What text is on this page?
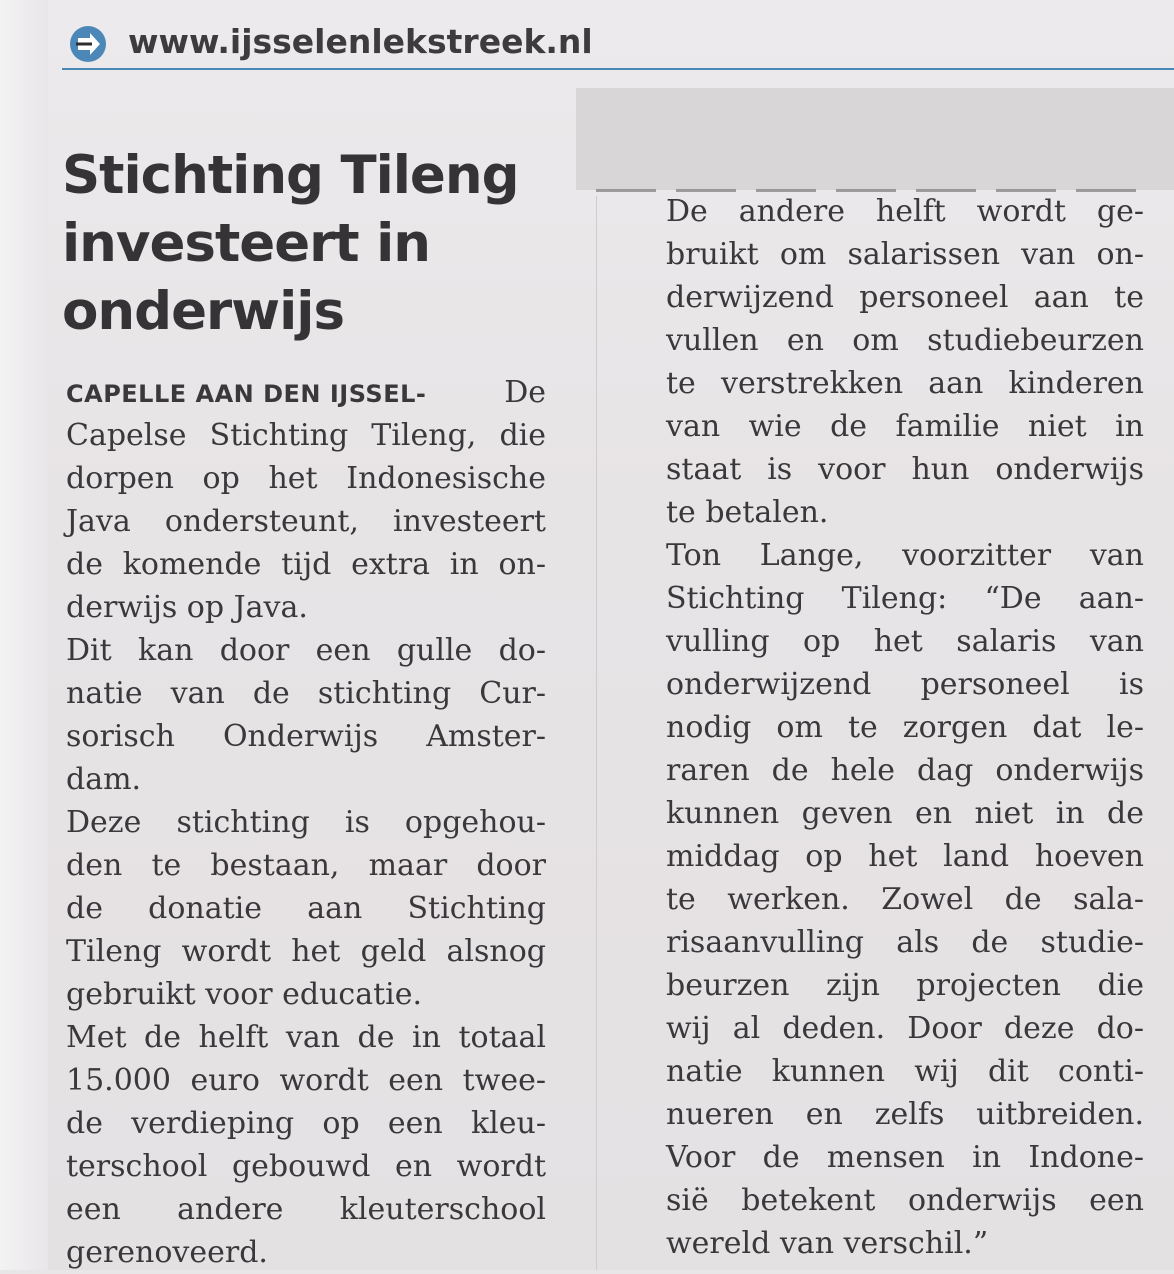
www.ijsselenlekstreek.nl
Stichting Tileng
investeert in
onderwijs
CAPELLE AAN DEN IJSSEL-	De
Capelse Stichting Tileng, die
dorpen op het Indonesische
Java ondersteunt, investeert
de komende tijd extra in on-
derwijs op Java.
Dit kan door een gulle do-
natie van de stichting Cur-
sorisch Onderwijs Amster-
dam.
Deze stichting is opgehou-
den te bestaan, maar door
de donatie aan Stichting
Tileng wordt het geld alsnog
gebruikt voor educatie.
Met de helft van de in totaal
15.000 euro wordt een twee-
de verdieping op een kleu-
terschool gebouwd en wordt
een andere kleuterschool
gerenoveerd.
De andere helft wordt ge-
bruikt om salarissen van on-
derwijzend personeel aan te
vullen en om studiebeurzen
te verstrekken aan kinderen
van wie de familie niet in
staat is voor hun onderwijs
te betalen.
Ton Lange, voorzitter van
Stichting Tileng: “De aan-
vulling op het salaris van
onderwijzend personeel is
nodig om te zorgen dat le-
raren de hele dag onderwijs
kunnen geven en niet in de
middag op het land hoeven
te werken. Zowel de sala-
risaanvulling als de studie-
beurzen zijn projecten die
wij al deden. Door deze do-
natie kunnen wij dit conti-
nueren en zelfs uitbreiden.
Voor de mensen in Indone-
sië betekent onderwijs een
wereld van verschil.”
